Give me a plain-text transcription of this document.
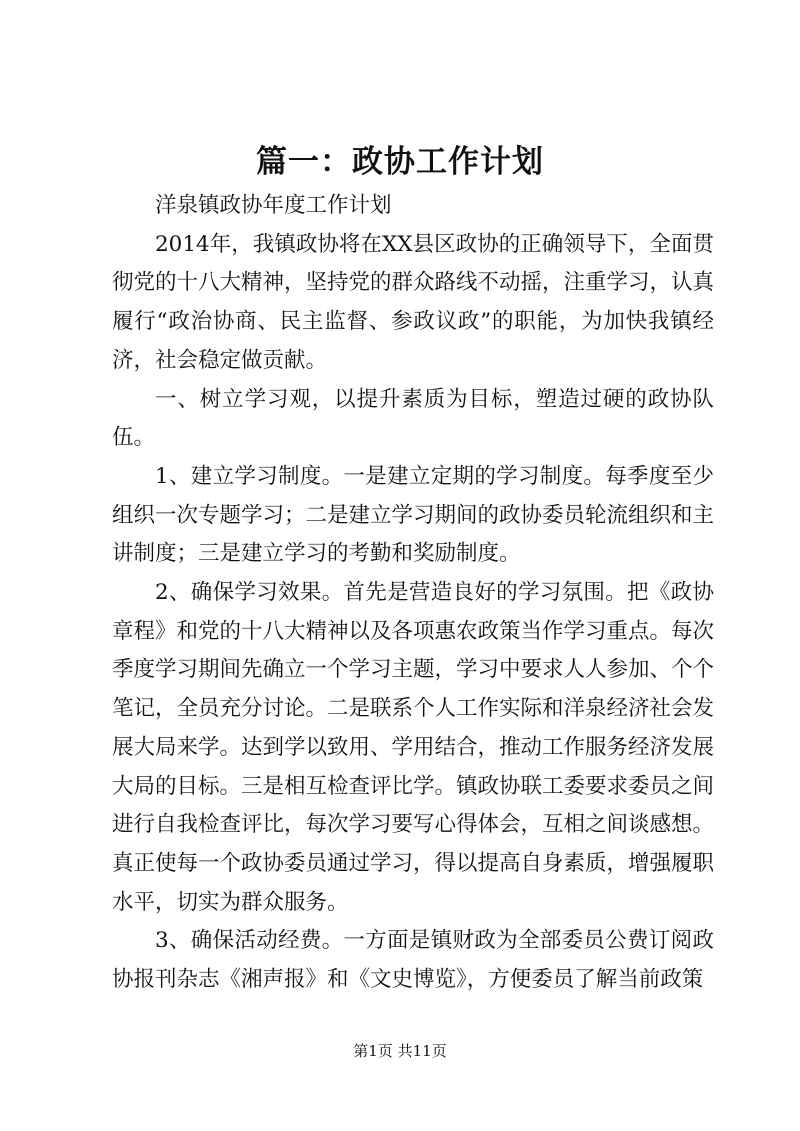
篇一：政协工作计划

洋泉镇政协年度工作计划

2014年，我镇政协将在XX县区政协的正确领导下，全面贯彻党的十八大精神，坚持党的群众路线不动摇，注重学习，认真履行“政治协商、民主监督、参政议政”的职能，为加快我镇经济，社会稳定做贡献。

一、树立学习观，以提升素质为目标，塑造过硬的政协队伍。

1、建立学习制度。一是建立定期的学习制度。每季度至少组织一次专题学习；二是建立学习期间的政协委员轮流组织和主讲制度；三是建立学习的考勤和奖励制度。

2、确保学习效果。首先是营造良好的学习氛围。把《政协章程》和党的十八大精神以及各项惠农政策当作学习重点。每次季度学习期间先确立一个学习主题，学习中要求人人参加、个个笔记，全员充分讨论。二是联系个人工作实际和洋泉经济社会发展大局来学。达到学以致用、学用结合，推动工作服务经济发展大局的目标。三是相互检查评比学。镇政协联工委要求委员之间进行自我检查评比，每次学习要写心得体会，互相之间谈感想。真正使每一个政协委员通过学习，得以提高自身素质，增强履职水平，切实为群众服务。

3、确保活动经费。一方面是镇财政为全部委员公费订阅政协报刊杂志《湘声报》和《文史博览》，方便委员了解当前政策

第1页 共11页
